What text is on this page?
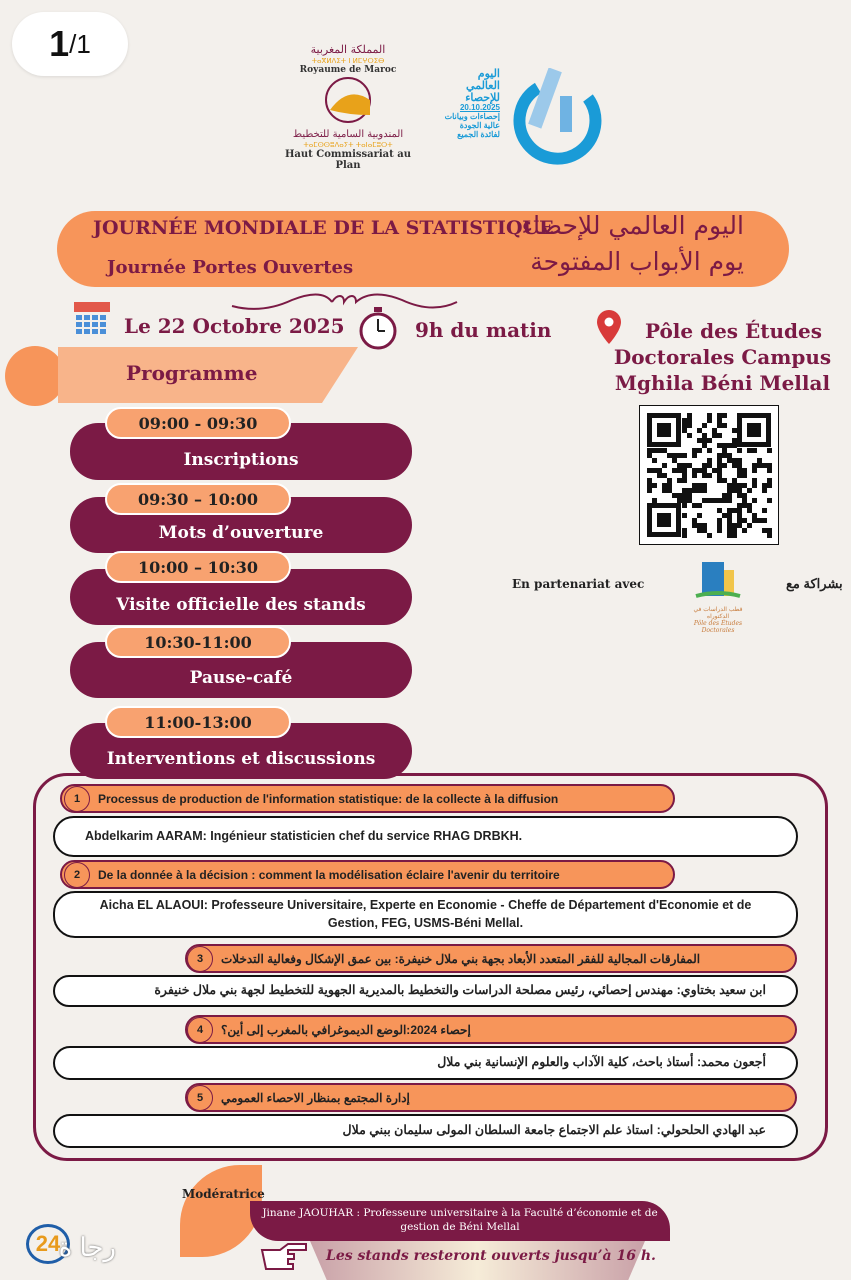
1 /1	المملكة المغربية
ⵜⴰⴳⵍⴷⵉⵜ ⵏ ⵍⵎⵖⵔⵉⴱ
Royaume de Maroc
المندوبية السامية للتخطيط
ⵜⴰⵎⵙⵙⵓⴷⴰⵢⵜ ⵜⴰⵏⴰⵎⵓⵔⵜ
Haut Commissariat au Plan
اليوم
العالمي
للإحصاء
20.10.2025
إحصاءات وبيانات
عالية الجودة
لفائدة الجميع
JOURNÉE MONDIALE DE LA STATISTIQUE
Journée Portes Ouvertes
اليوم العالمي للإحصاء
يوم الأبواب المفتوحة
Le 22 Octobre 2025	9h du matin	Pôle des Études
Doctorales Campus
Mghila Béni Mellal
Programme
Inscriptions
09:00 - 09:30
Mots d’ouverture
09:30 – 10:00
Visite officielle des stands
10:00 – 10:30
Pause-café
10:30-11:00
Interventions et discussions
11:00-13:00
En partenariat avec
قطب الدراسات في الدكتوراه
Pôle des Études Doctorales
بشراكة مع
1	Processus de production de l'information statistique: de la collecte à la diffusion
Abdelkarim AARAM: Ingénieur statisticien chef du service RHAG DRBKH.
2	De la donnée à la décision : comment la modélisation éclaire l'avenir du territoire
Aicha EL ALAOUI: Professeure Universitaire, Experte en Economie - Cheffe de Département d'Economie et de Gestion, FEG, USMS-Béni Mellal.
3	المفارقات المجالية للفقر المتعدد الأبعاد بجهة بني ملال خنيفرة: بين عمق الإشكال وفعالية التدخلات
ابن سعيد بختاوي: مهندس إحصائي، رئيس مصلحة الدراسات والتخطيط بالمديرية الجهوية للتخطيط لجهة بني ملال خنيفرة
4	إحصاء 2024:الوضع الديموغرافي بالمغرب إلى أين؟
أجعون محمد: أستاذ باحث، كلية الآداب والعلوم الإنسانية بني ملال
5	إدارة المجتمع بمنظار الاحصاء العمومي
عبد الهادي الحلحولي: استاذ علم الاجتماع جامعة السلطان المولى سليمان ببني ملال
Modératrice
Jinane JAOUHAR : Professeure universitaire à la Faculté d’économie et de gestion de Béni Mellal
Les stands resteront ouverts jusqu’à 16 h.
24
رجا ة
